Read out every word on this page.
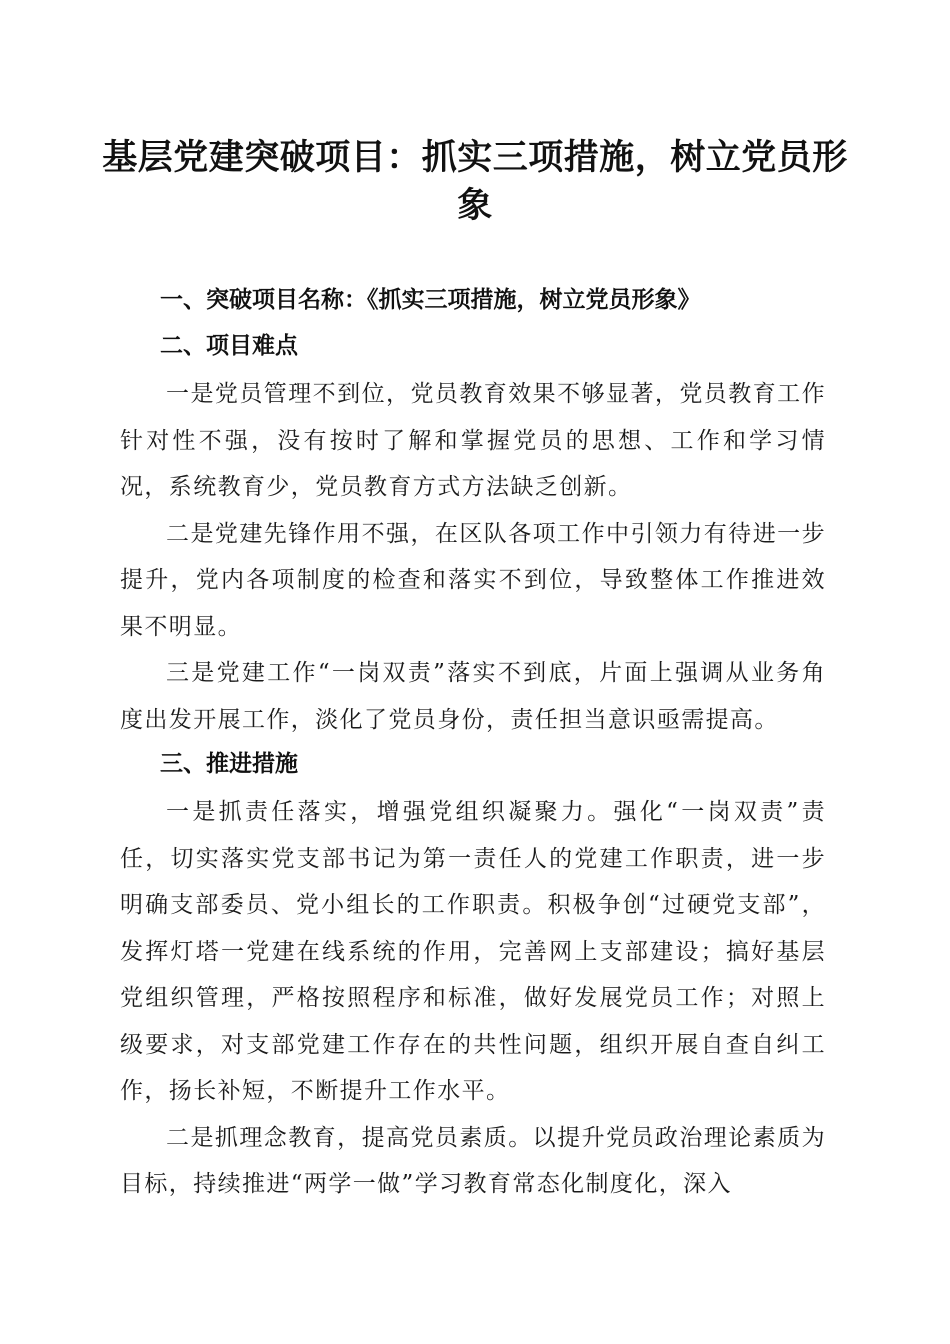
基层党建突破项目：抓实三项措施，树立党员形象
一、突破项目名称：《抓实三项措施，树立党员形象》
二、项目难点

一是党员管理不到位，党员教育效果不够显著，党员教育工作针对性不强，没有按时了解和掌握党员的思想、工作和学习情况，系统教育少，党员教育方式方法缺乏创新。

二是党建先锋作用不强，在区队各项工作中引领力有待进一步提升，党内各项制度的检查和落实不到位，导致整体工作推进效果不明显。

三是党建工作“一岗双责”落实不到底，片面上强调从业务角度出发开展工作，淡化了党员身份，责任担当意识亟需提高。

三、推进措施

一是抓责任落实，增强党组织凝聚力。强化“一岗双责”责任，切实落实党支部书记为第一责任人的党建工作职责，进一步明确支部委员、党小组长的工作职责。积极争创“过硬党支部”，发挥灯塔一党建在线系统的作用，完善网上支部建设；搞好基层党组织管理，严格按照程序和标准，做好发展党员工作；对照上级要求，对支部党建工作存在的共性问题，组织开展自查自纠工作，扬长补短，不断提升工作水平。

二是抓理念教育，提高党员素质。以提升党员政治理论素质为目标，持续推进“两学一做”学习教育常态化制度化，深入
